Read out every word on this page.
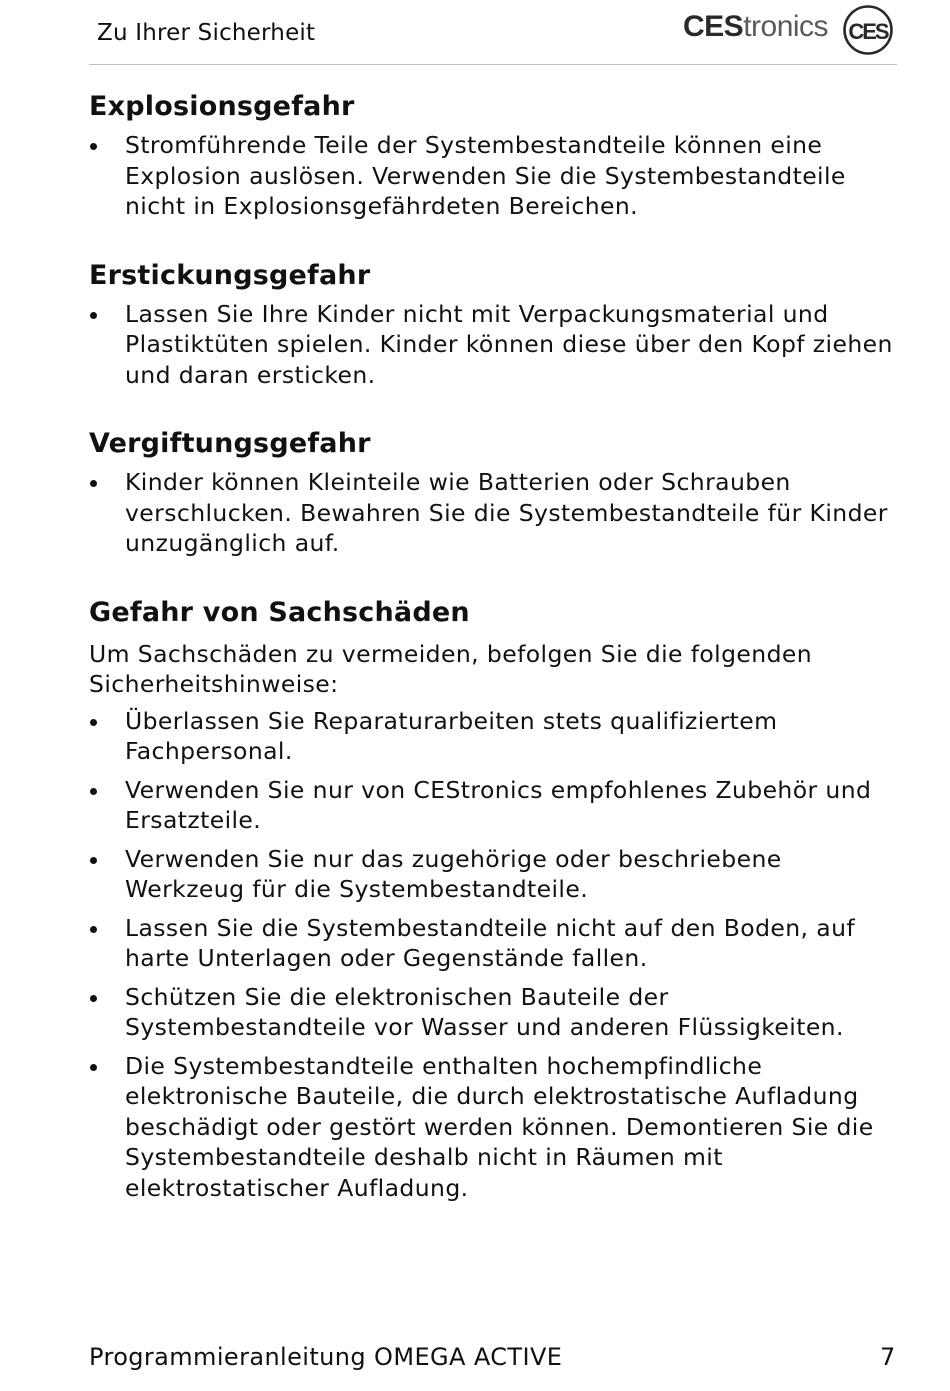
Zu Ihrer Sicherheit	CEStronics CES
Explosionsgefahr
Stromführende Teile der Systembestandteile können eine Explosion auslösen. Verwenden Sie die Systembestandteile nicht in Explosionsgefährdeten Bereichen.
Erstickungsgefahr
Lassen Sie Ihre Kinder nicht mit Verpackungsmaterial und Plastiktüten spielen. Kinder können diese über den Kopf ziehen und daran ersticken.
Vergiftungsgefahr
Kinder können Kleinteile wie Batterien oder Schrauben verschlucken. Bewahren Sie die Systembestandteile für Kinder unzugänglich auf.
Gefahr von Sachschäden

Um Sachschäden zu vermeiden, befolgen Sie die folgenden Sicherheitshinweise:

Überlassen Sie Reparaturarbeiten stets qualifiziertem Fachpersonal.
Verwenden Sie nur von CEStronics empfohlenes Zubehör und Ersatzteile.
Verwenden Sie nur das zugehörige oder beschriebene Werkzeug für die Systembestandteile.
Lassen Sie die Systembestandteile nicht auf den Boden, auf harte Unterlagen oder Gegenstände fallen.
Schützen Sie die elektronischen Bauteile der Systembestandteile vor Wasser und anderen Flüssigkeiten.
Die Systembestandteile enthalten hochempfindliche elektronische Bauteile, die durch elektrostatische Aufladung beschädigt oder gestört werden können. Demontieren Sie die Systembestandteile deshalb nicht in Räumen mit elektrostatischer Aufladung.
Programmieranleitung OMEGA ACTIVE	7
